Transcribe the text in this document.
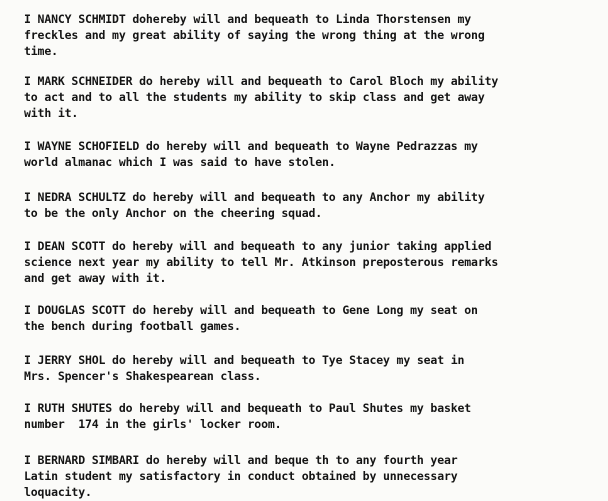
I NANCY SCHMIDT dohereby will and bequeath to Linda Thorstensen my
freckles and my great ability of saying the wrong thing at the wrong
time.

I MARK SCHNEIDER do hereby will and bequeath to Carol Bloch my ability
to act and to all the students my ability to skip class and get away
with it.

I WAYNE SCHOFIELD do hereby will and bequeath to Wayne Pedrazzas my
world almanac which I was said to have stolen.

I NEDRA SCHULTZ do hereby will and bequeath to any Anchor my ability
to be the only Anchor on the cheering squad.

I DEAN SCOTT do hereby will and bequeath to any junior taking applied
science next year my ability to tell Mr. Atkinson preposterous remarks
and get away with it.

I DOUGLAS SCOTT do hereby will and bequeath to Gene Long my seat on
the bench during football games.

I JERRY SHOL do hereby will and bequeath to Tye Stacey my seat in
Mrs. Spencer's Shakespearean class.

I RUTH SHUTES do hereby will and bequeath to Paul Shutes my basket
number  174 in the girls' locker room.

I BERNARD SIMBARI do hereby will and beque th to any fourth year
Latin student my satisfactory in conduct obtained by unnecessary
loquacity.
